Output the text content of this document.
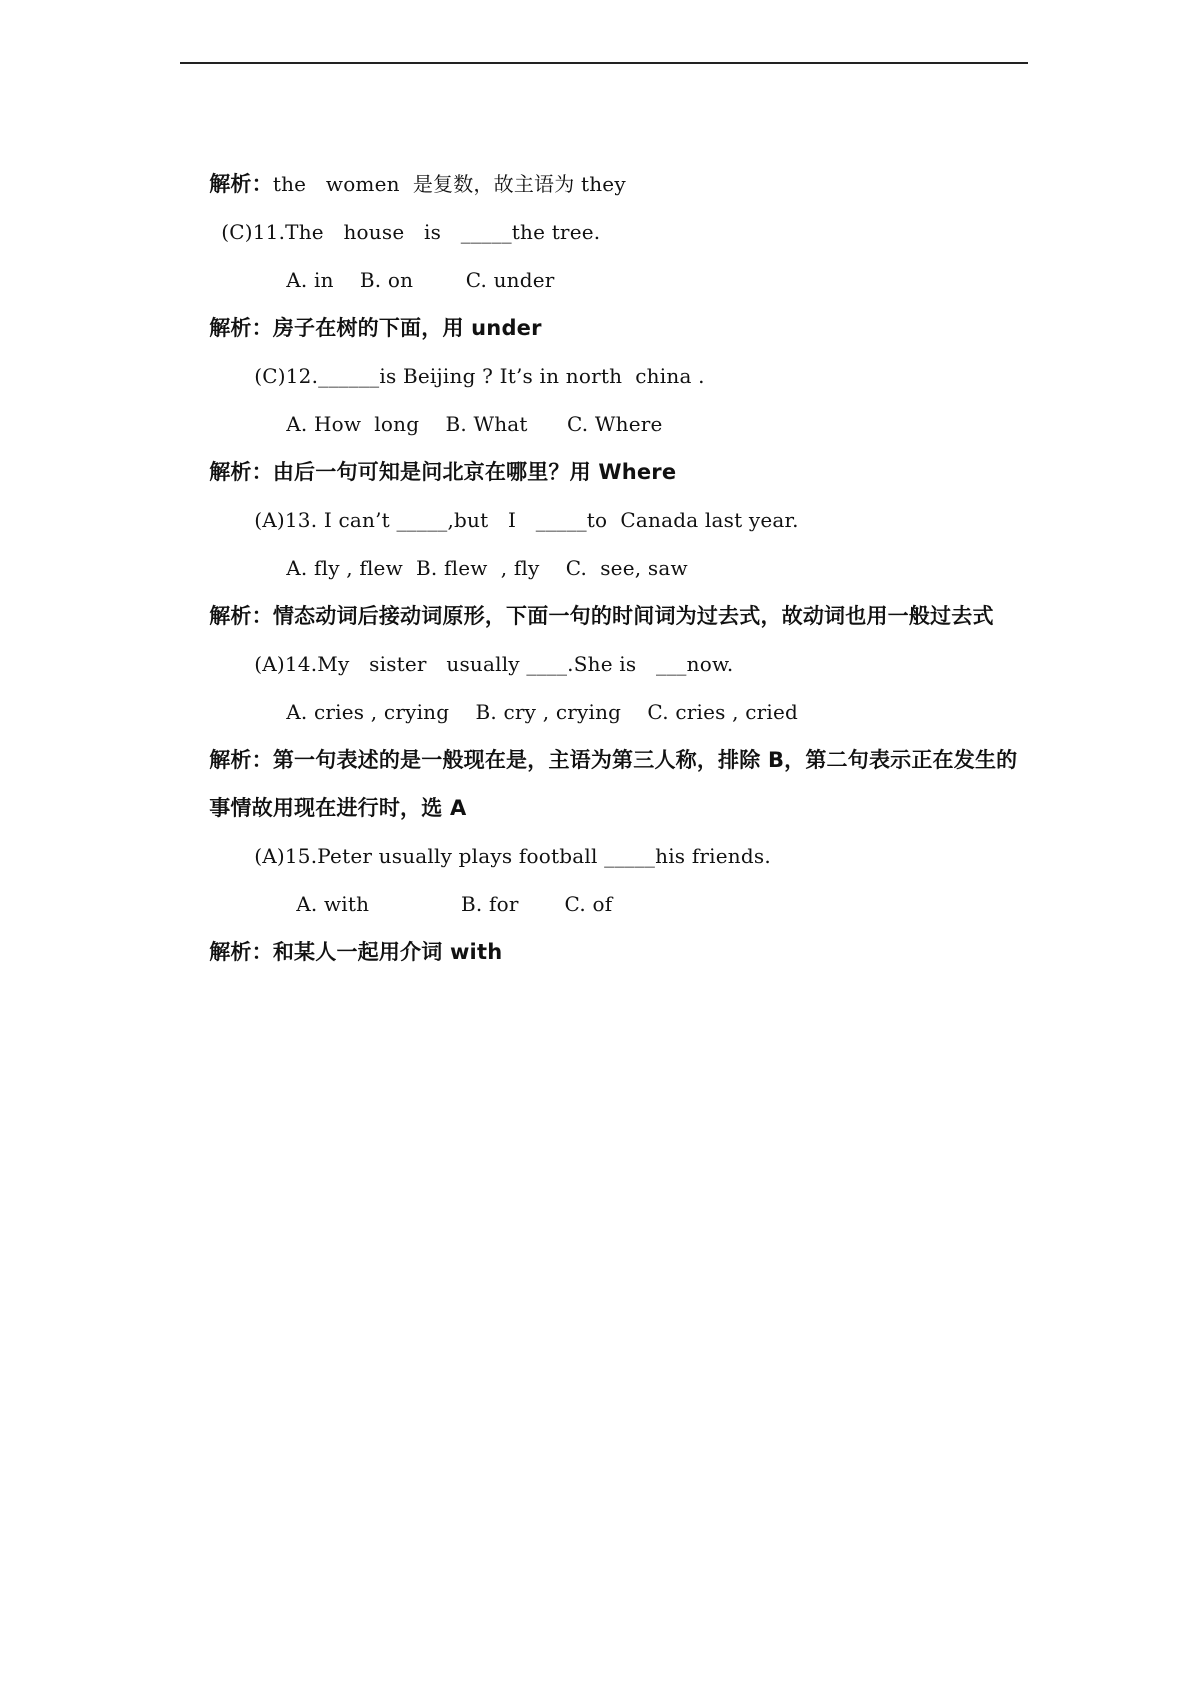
解析：the   women  是复数，故主语为 they

(C)11.The   house   is   _____the tree.

A. in    B. on        C. under

解析：房子在树的下面，用 under

(C)12.______is Beijing ? It’s in north  china .

A. How  long    B. What      C. Where

解析：由后一句可知是问北京在哪里？用 Where

(A)13. I can’t _____,but   I   _____to  Canada last year.

A. fly , flew  B. flew  , fly    C.  see, saw

解析：情态动词后接动词原形，下面一句的时间词为过去式，故动词也用一般过去式

(A)14.My   sister   usually ____.She is   ___now.

A. cries , crying    B. cry , crying    C. cries , cried

解析：第一句表述的是一般现在是，主语为第三人称，排除 B，第二句表示正在发生的

事情故用现在进行时，选 A

(A)15.Peter usually plays football _____his friends.

A. with              B. for       C. of

解析：和某人一起用介词 with
